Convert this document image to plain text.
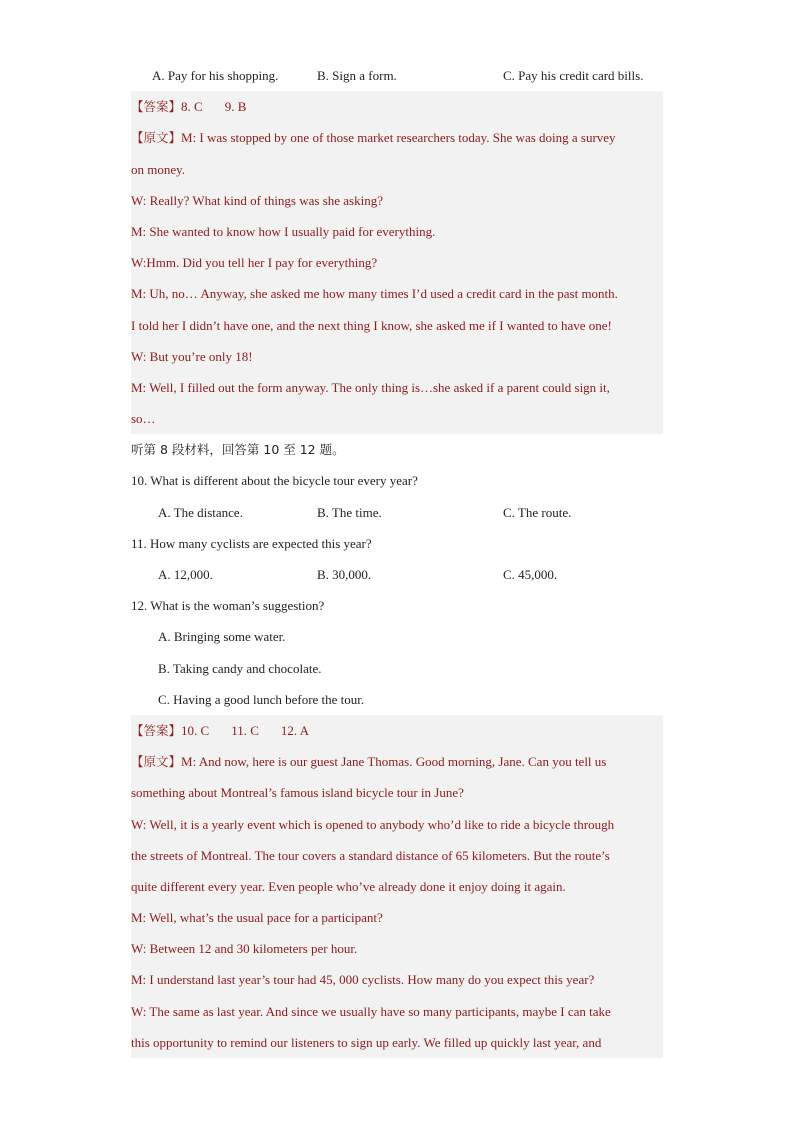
A. Pay for his shopping.	B. Sign a form.	C. Pay his credit card bills.
【答案】8. C 9. B
【原文】M: I was stopped by one of those market researchers today. She was doing a survey
on money.
W: Really? What kind of things was she asking?
M: She wanted to know how I usually paid for everything.
W:Hmm. Did you tell her I pay for everything?
M: Uh, no… Anyway, she asked me how many times I’d used a credit card in the past month.
I told her I didn’t have one, and the next thing I know, she asked me if I wanted to have one!
W: But you’re only 18!
M: Well, I filled out the form anyway. The only thing is…she asked if a parent could sign it,
so…
听第 8 段材料，回答第 10 至 12 题。
10. What is different about the bicycle tour every year?
A. The distance.	B. The time.	C. The route.
11. How many cyclists are expected this year?
A. 12,000.	B. 30,000.	C. 45,000.
12. What is the woman’s suggestion?
A. Bringing some water.
B. Taking candy and chocolate.
C. Having a good lunch before the tour.
【答案】10. C 11. C 12. A
【原文】M: And now, here is our guest Jane Thomas. Good morning, Jane. Can you tell us
something about Montreal’s famous island bicycle tour in June?
W: Well, it is a yearly event which is opened to anybody who’d like to ride a bicycle through
the streets of Montreal. The tour covers a standard distance of 65 kilometers. But the route’s
quite different every year. Even people who’ve already done it enjoy doing it again.
M: Well, what’s the usual pace for a participant?
W: Between 12 and 30 kilometers per hour.
M: I understand last year’s tour had 45, 000 cyclists. How many do you expect this year?
W: The same as last year. And since we usually have so many participants, maybe I can take
this opportunity to remind our listeners to sign up early. We filled up quickly last year, and
